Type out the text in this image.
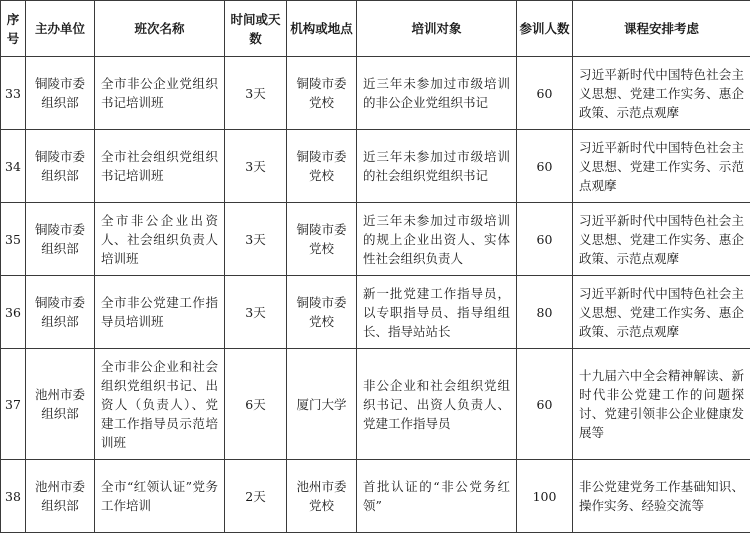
序号	主办单位	班次名称	时间或天数	机构或地点	培训对象	参训人数	课程安排考虑
33	铜陵市委组织部	全市非公企业党组织书记培训班	3天	铜陵市委党校	近三年未参加过市级培训的非公企业党组织书记	60	习近平新时代中国特色社会主义思想、党建工作实务、惠企政策、示范点观摩
34	铜陵市委组织部	全市社会组织党组织书记培训班	3天	铜陵市委党校	近三年未参加过市级培训的社会组织党组织书记	60	习近平新时代中国特色社会主义思想、党建工作实务、示范点观摩
35	铜陵市委组织部	全市非公企业出资人、社会组织负责人培训班	3天	铜陵市委党校	近三年未参加过市级培训的规上企业出资人、实体性社会组织负责人	60	习近平新时代中国特色社会主义思想、党建工作实务、惠企政策、示范点观摩
36	铜陵市委组织部	全市非公党建工作指导员培训班	3天	铜陵市委党校	新一批党建工作指导员，以专职指导员、指导组组长、指导站站长	80	习近平新时代中国特色社会主义思想、党建工作实务、惠企政策、示范点观摩
37	池州市委组织部	全市非公企业和社会组织党组织书记、出资人（负责人）、党建工作指导员示范培训班	6天	厦门大学	非公企业和社会组织党组织书记、出资人负责人、党建工作指导员	60	十九届六中全会精神解读、新时代非公党建工作的问题探讨、党建引领非公企业健康发展等
38	池州市委组织部	全市“红领认证”党务工作培训	2天	池州市委党校	首批认证的“非公党务红领”	100	非公党建党务工作基础知识、操作实务、经验交流等
